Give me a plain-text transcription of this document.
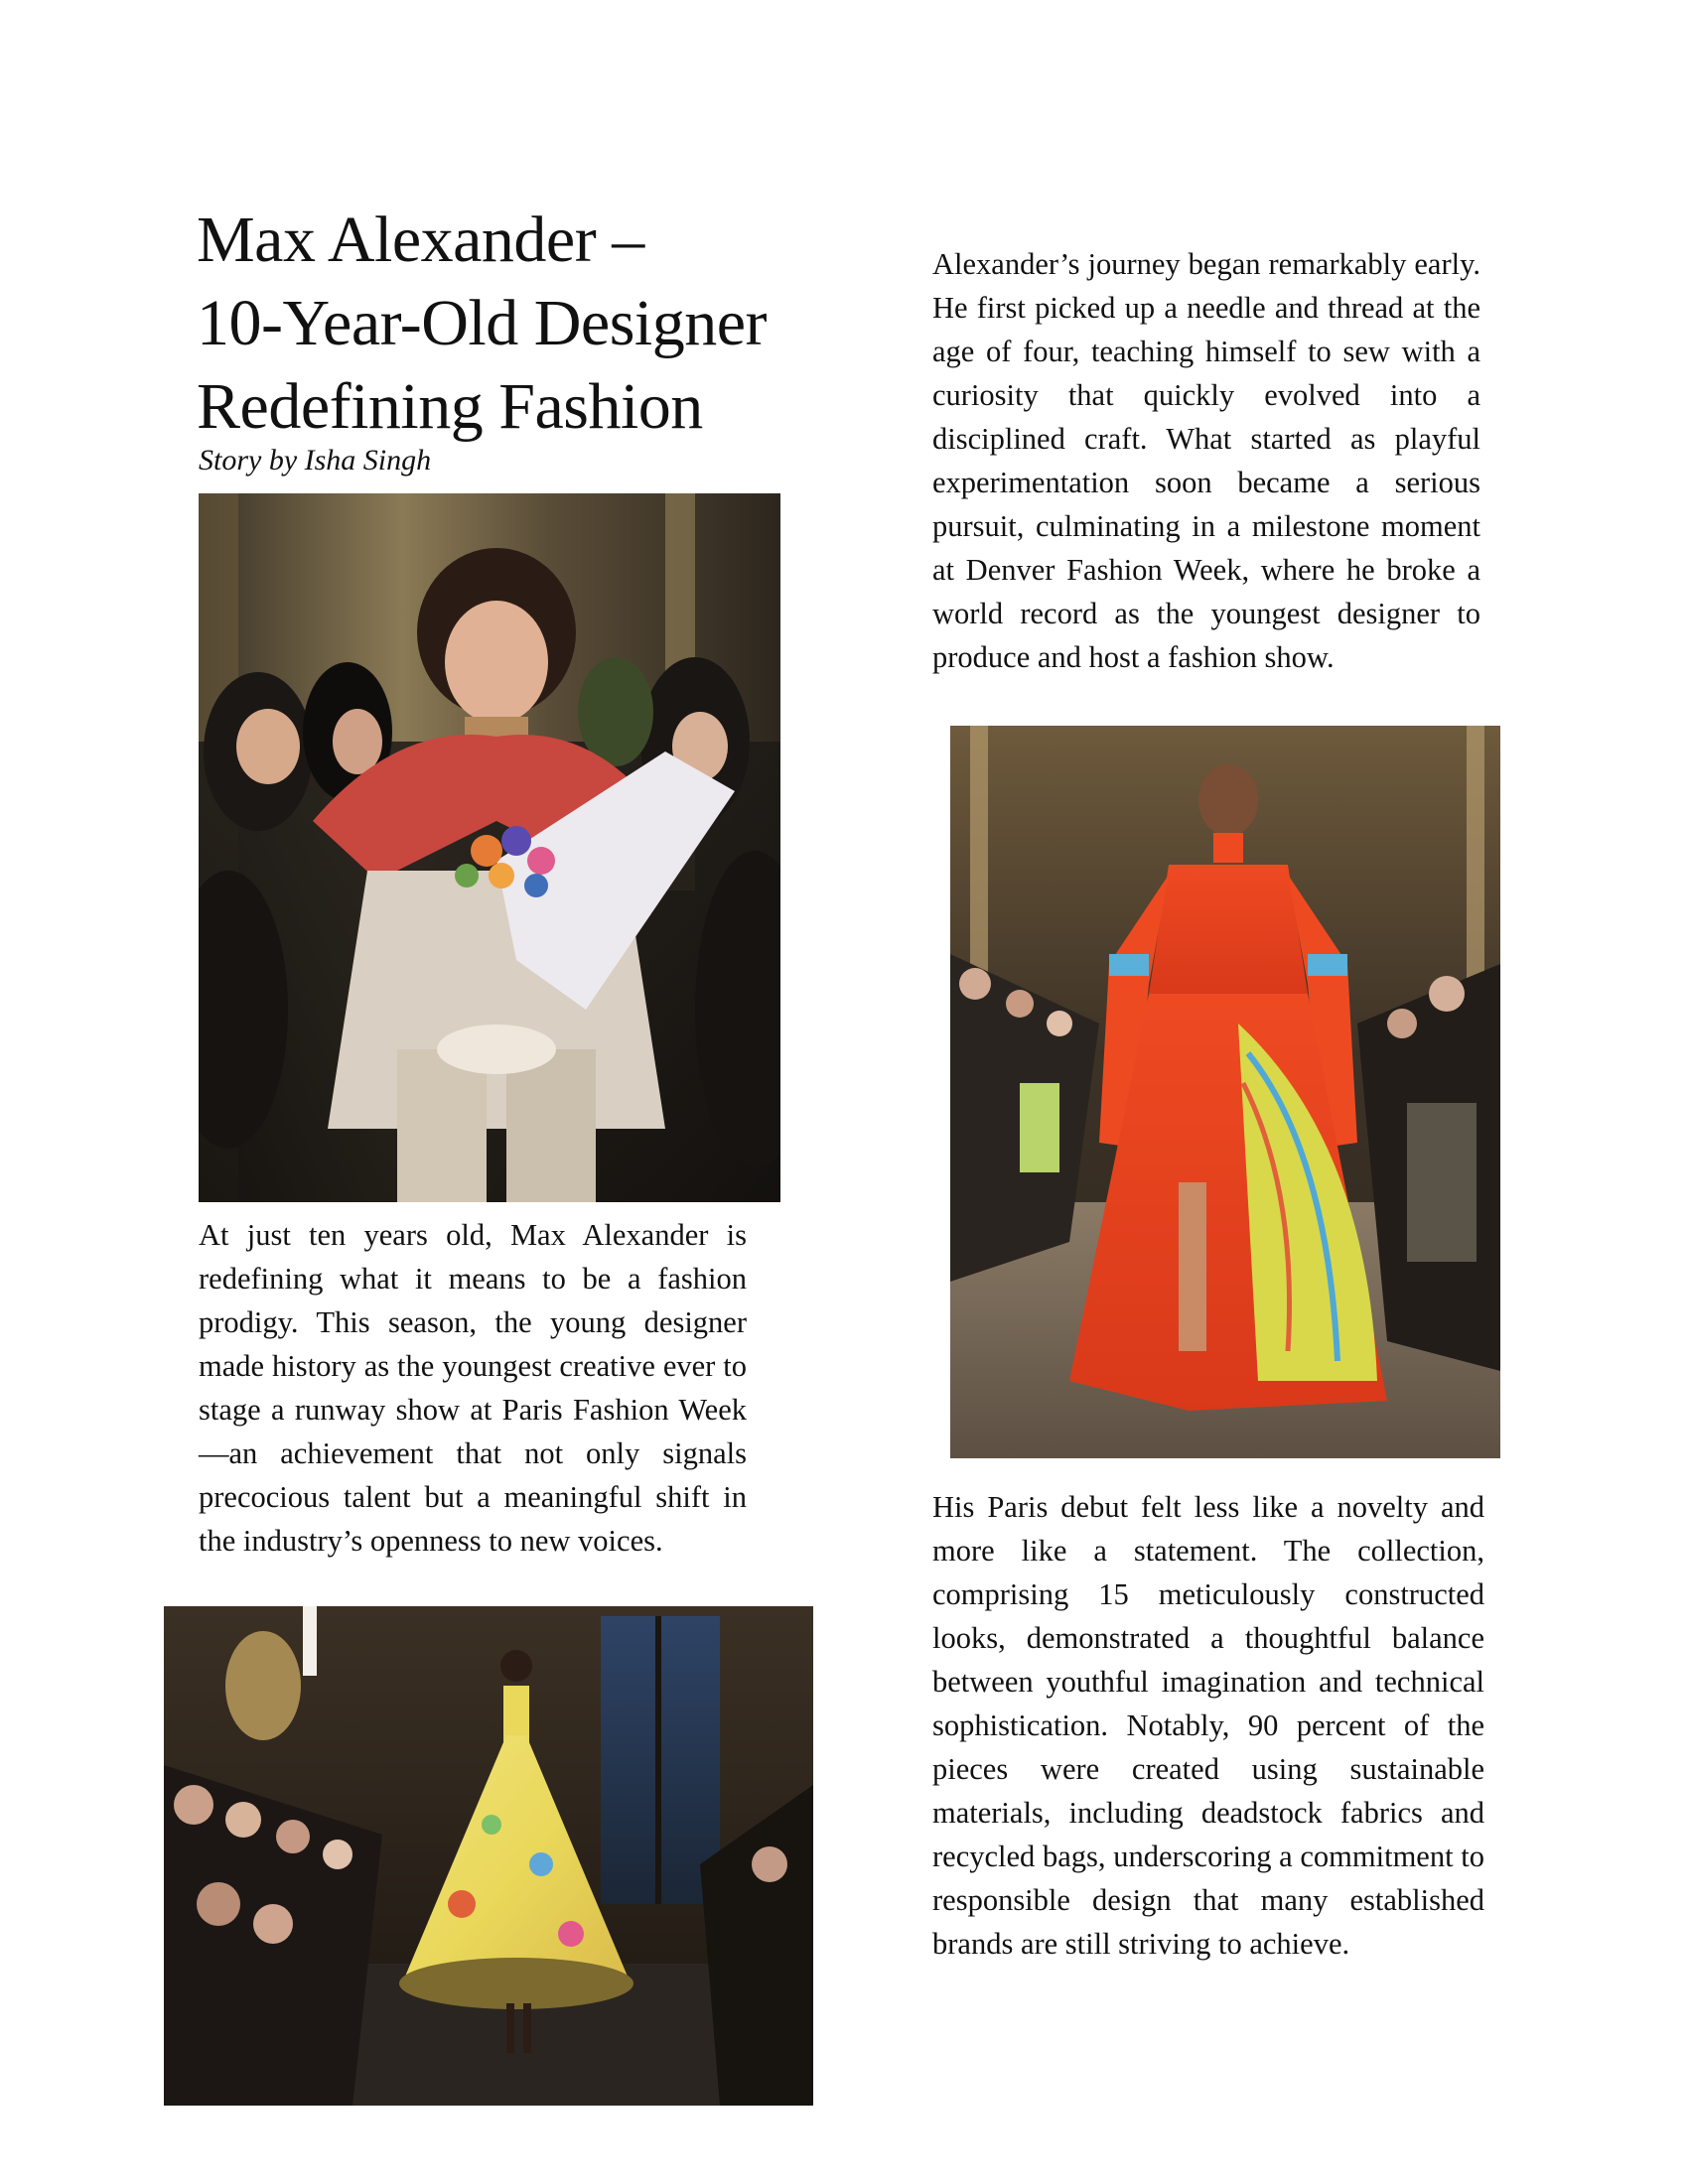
Max Alexander –
10-Year-Old Designer
Redefining Fashion

Story by Isha Singh

At just ten years old, Max Alexander is redefining what it means to be a fashion prodigy. This season, the young designer made history as the youngest creative ever to stage a runway show at Paris Fashion Week—an achievement that not only signals precocious talent but a meaningful shift in the industry’s openness to new voices.

Alexander’s journey began remarkably early. He first picked up a needle and thread at the age of four, teaching himself to sew with a curiosity that quickly evolved into a disciplined craft. What started as playful experimentation soon became a serious pursuit, culminating in a milestone moment at Denver Fashion Week, where he broke a world record as the youngest designer to produce and host a fashion show.

His Paris debut felt less like a novelty and more like a statement. The collection, comprising 15 meticulously constructed looks, demonstrated a thoughtful balance between youthful imagination and technical sophistication. Notably, 90 percent of the pieces were created using sustainable materials, including deadstock fabrics and recycled bags, underscoring a commitment to responsible design that many established brands are still striving to achieve.
